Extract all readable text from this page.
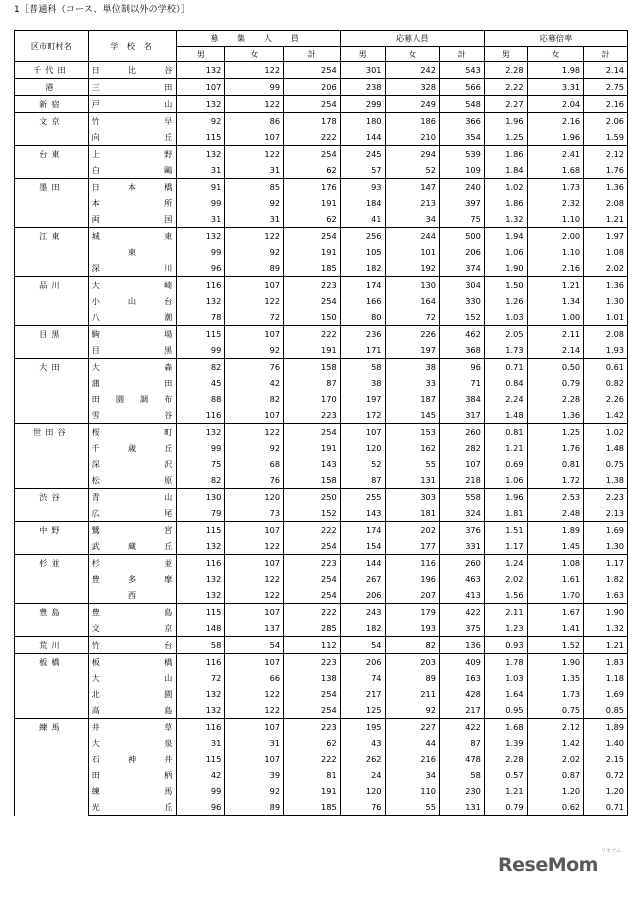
1［普通科（コース、単位制以外の学校）］
区市町村名	学 校 名	募 集 人 員			応募人員			応募倍率		
		男	女	計	男	女	計	男	女	計
千代田	日 比 谷	132	122	254	301	242	543	2.28	1.98	2.14
港	三 田	107	99	206	238	328	566	2.22	3.31	2.75
新宿	戸 山	132	122	254	299	249	548	2.27	2.04	2.16
文京	竹 早	92	86	178	180	186	366	1.96	2.16	2.06

	向 丘	115	107	222	144	210	354	1.25	1.96	1.59
台東	上 野	132	122	254	245	294	539	1.86	2.41	2.12

	白 鷗	31	31	62	57	52	109	1.84	1.68	1.76
墨田	日 本 橋	91	85	176	93	147	240	1.02	1.73	1.36

	本 所	99	92	191	184	213	397	1.86	2.32	2.08

	両 国	31	31	62	41	34	75	1.32	1.10	1.21
江東	城 東	132	122	254	256	244	500	1.94	2.00	1.97

	東	99	92	191	105	101	206	1.06	1.10	1.08

	深 川	96	89	185	182	192	374	1.90	2.16	2.02
品川	大 崎	116	107	223	174	130	304	1.50	1.21	1.36

	小 山 台	132	122	254	166	164	330	1.26	1.34	1.30

	八 潮	78	72	150	80	72	152	1.03	1.00	1.01
目黒	駒 場	115	107	222	236	226	462	2.05	2.11	2.08

	目 黒	99	92	191	171	197	368	1.73	2.14	1.93
大田	大 森	82	76	158	58	38	96	0.71	0.50	0.61

	蒲 田	45	42	87	38	33	71	0.84	0.79	0.82

	田 園 調 布	88	82	170	197	187	384	2.24	2.28	2.26

	雪 谷	116	107	223	172	145	317	1.48	1.36	1.42
世田谷	桜 町	132	122	254	107	153	260	0.81	1.25	1.02

	千 歳 丘	99	92	191	120	162	282	1.21	1.76	1.48

	深 沢	75	68	143	52	55	107	0.69	0.81	0.75

	松 原	82	76	158	87	131	218	1.06	1.72	1.38
渋谷	青 山	130	120	250	255	303	558	1.96	2.53	2.23

	広 尾	79	73	152	143	181	324	1.81	2.48	2.13
中野	鷺 宮	115	107	222	174	202	376	1.51	1.89	1.69

	武 蔵 丘	132	122	254	154	177	331	1.17	1.45	1.30
杉並	杉 並	116	107	223	144	116	260	1.24	1.08	1.17

	豊 多 摩	132	122	254	267	196	463	2.02	1.61	1.82

	西	132	122	254	206	207	413	1.56	1.70	1.63
豊島	豊 島	115	107	222	243	179	422	2.11	1.67	1.90

	文 京	148	137	285	182	193	375	1.23	1.41	1.32
荒川	竹 台	58	54	112	54	82	136	0.93	1.52	1.21
板橋	板 橋	116	107	223	206	203	409	1.78	1.90	1.83

	大 山	72	66	138	74	89	163	1.03	1.35	1.18

	北 園	132	122	254	217	211	428	1.64	1.73	1.69

	高 島	132	122	254	125	92	217	0.95	0.75	0.85
練馬	井 草	116	107	223	195	227	422	1.68	2.12	1.89

	大 泉	31	31	62	43	44	87	1.39	1.42	1.40

	石 神 井	115	107	222	262	216	478	2.28	2.02	2.15

	田 柄	42	39	81	24	34	58	0.57	0.87	0.72

	練 馬	99	92	191	120	110	230	1.21	1.20	1.20

	光 丘	96	89	185	76	55	131	0.79	0.62	0.71
ReseMom
リセマム
